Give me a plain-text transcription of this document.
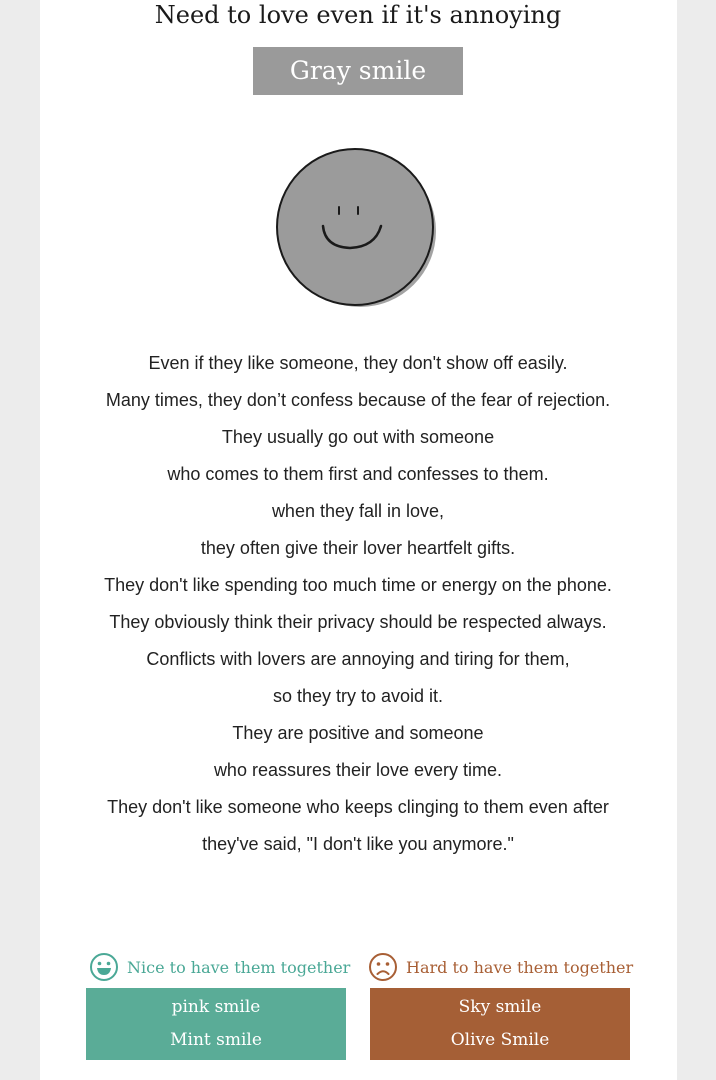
Need to love even if it's annoying
Gray smile
Even if they like someone, they don't show off easily.
Many times, they don’t confess because of the fear of rejection.
They usually go out with someone
who comes to them first and confesses to them.
when they fall in love,
they often give their lover heartfelt gifts.
They don't like spending too much time or energy on the phone.
They obviously think their privacy should be respected always.
Conflicts with lovers are annoying and tiring for them,
so they try to avoid it.
They are positive and someone
who reassures their love every time.
They don't like someone who keeps clinging to them even after
they've said, "I don't like you anymore."
Nice to have them together	Hard to have them together
pink smile
Mint smile
Sky smile
Olive Smile
